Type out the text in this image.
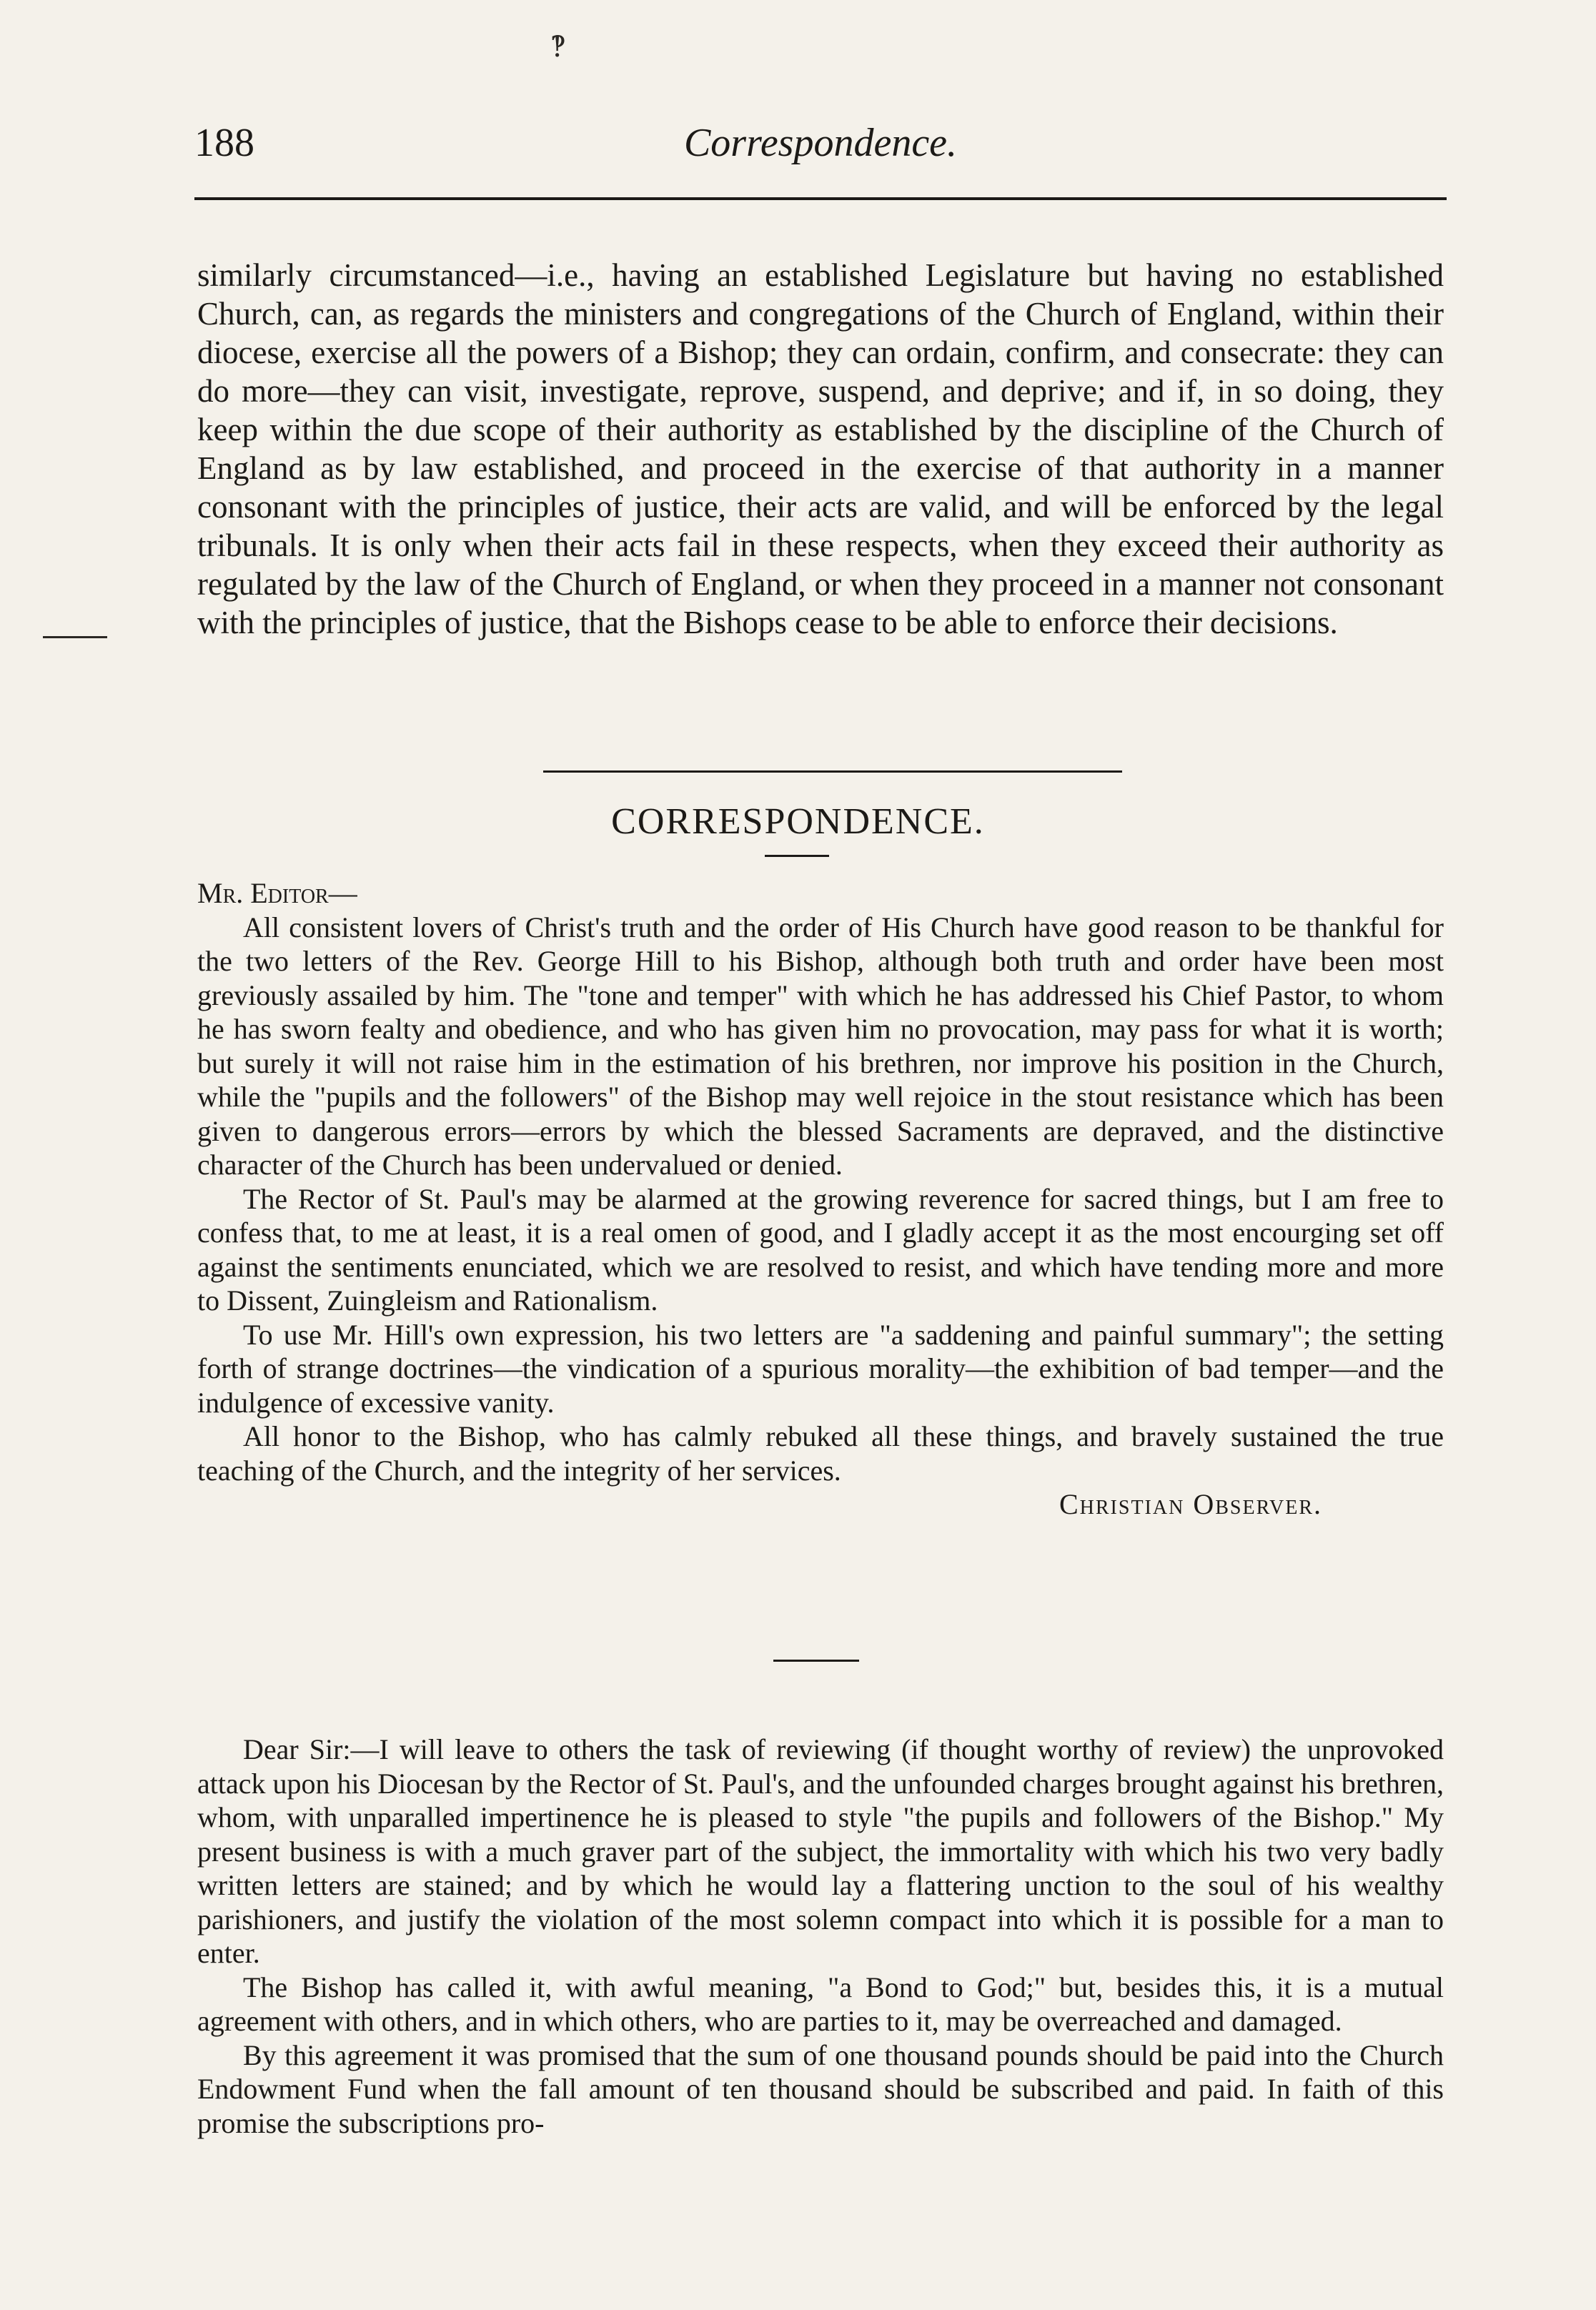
188	Correspondence.

similarly circumstanced—i.e., having an established Legislature but having no established Church, can, as regards the ministers and congregations of the Church of England, within their diocese, exercise all the powers of a Bishop; they can ordain, confirm, and consecrate: they can do more—they can visit, investigate, reprove, suspend, and deprive; and if, in so doing, they keep within the due scope of their authority as established by the discipline of the Church of England as by law established, and proceed in the exercise of that authority in a manner consonant with the principles of justice, their acts are valid, and will be enforced by the legal tribunals. It is only when their acts fail in these respects, when they exceed their authority as regulated by the law of the Church of England, or when they proceed in a manner not consonant with the principles of justice, that the Bishops cease to be able to enforce their decisions.

CORRESPONDENCE.

Mr. Editor—

All consistent lovers of Christ's truth and the order of His Church have good reason to be thankful for the two letters of the Rev. George Hill to his Bishop, although both truth and order have been most greviously assailed by him. The "tone and temper" with which he has addressed his Chief Pastor, to whom he has sworn fealty and obedience, and who has given him no provocation, may pass for what it is worth; but surely it will not raise him in the estimation of his brethren, nor improve his position in the Church, while the "pupils and the followers" of the Bishop may well rejoice in the stout resistance which has been given to dangerous errors—errors by which the blessed Sacraments are depraved, and the distinctive character of the Church has been undervalued or denied.

The Rector of St. Paul's may be alarmed at the growing reverence for sacred things, but I am free to confess that, to me at least, it is a real omen of good, and I gladly accept it as the most encourging set off against the sentiments enunciated, which we are resolved to resist, and which have tending more and more to Dissent, Zuingleism and Rationalism.

To use Mr. Hill's own expression, his two letters are "a saddening and painful summary"; the setting forth of strange doctrines—the vindication of a spurious morality—the exhibition of bad temper—and the indulgence of excessive vanity.

All honor to the Bishop, who has calmly rebuked all these things, and bravely sustained the true teaching of the Church, and the integrity of her services.

Christian Observer.

Dear Sir:—I will leave to others the task of reviewing (if thought worthy of review) the unprovoked attack upon his Diocesan by the Rector of St. Paul's, and the unfounded charges brought against his brethren, whom, with unparalled impertinence he is pleased to style "the pupils and followers of the Bishop." My present business is with a much graver part of the subject, the immortality with which his two very badly written letters are stained; and by which he would lay a flattering unction to the soul of his wealthy parishioners, and justify the violation of the most solemn compact into which it is possible for a man to enter.

The Bishop has called it, with awful meaning, "a Bond to God;" but, besides this, it is a mutual agreement with others, and in which others, who are parties to it, may be overreached and damaged.

By this agreement it was promised that the sum of one thousand pounds should be paid into the Church Endowment Fund when the fall amount of ten thousand should be subscribed and paid. In faith of this promise the subscriptions pro-

‽
